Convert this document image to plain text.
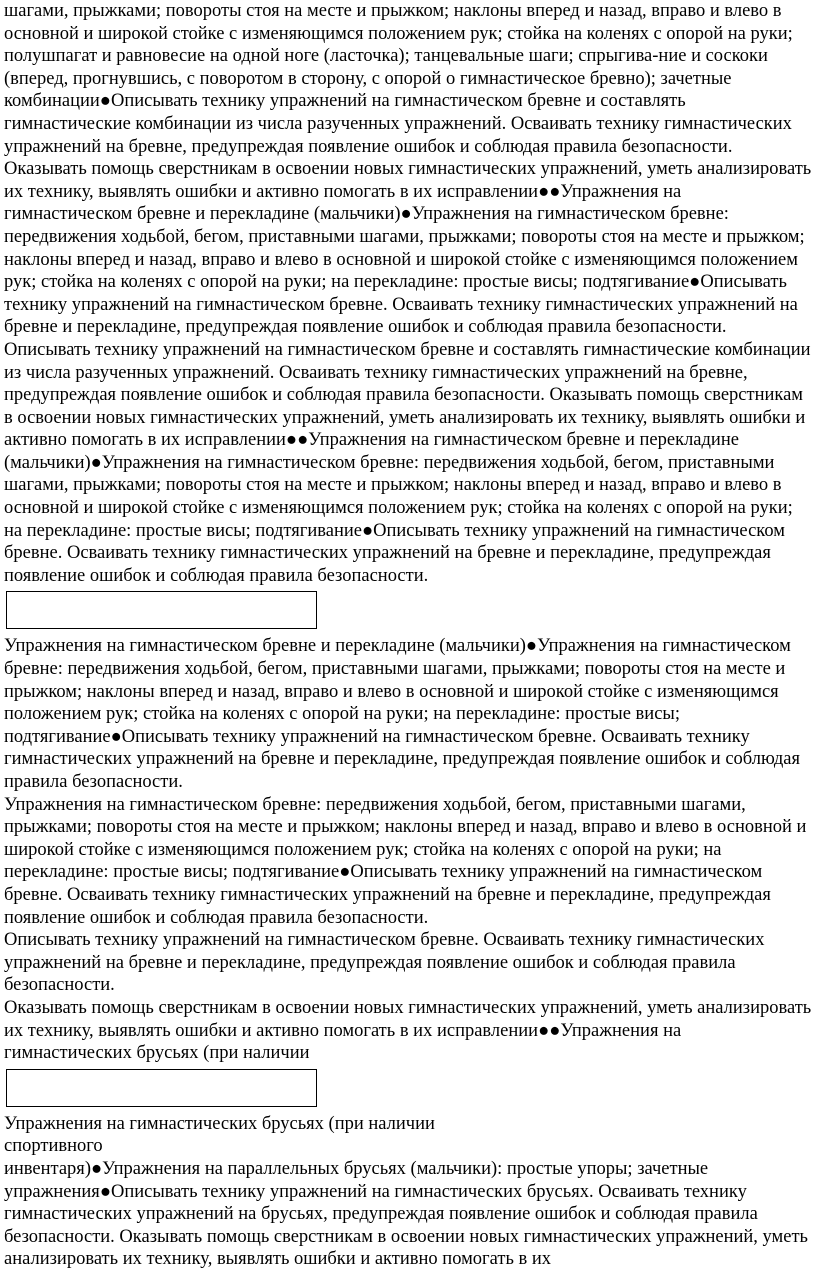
шагами, прыжками; повороты стоя на месте и прыжком; наклоны вперед и назад, вправо и влево в основной и широкой стойке с изменяющимся положением рук; стойка на коленях с опорой на руки; полушпагат и равновесие на одной ноге (ласточка); танцевальные шаги; спрыгива-ние и соскоки (вперед, прогнувшись, с поворотом в сторону, с опорой о гимнастическое бревно); зачетные комбинации●Описывать технику упражнений на гимнастическом бревне и составлять гимнастические комбинации из числа разученных упражнений. Осваивать технику гимнастических упражнений на бревне, предупреждая появление ошибок и соблюдая правила безопасности. Оказывать помощь сверстникам в освоении новых гимнастических упражнений, уметь анализировать их технику, выявлять ошибки и активно помогать в их исправлении●●Упражнения на гимнастическом бревне и перекладине (мальчики)●Упражнения на гимнастическом бревне: передвижения ходьбой, бегом, приставными шагами, прыжками; повороты стоя на месте и прыжком; наклоны вперед и назад, вправо и влево в основной и широкой стойке с изменяющимся положением рук; стойка на коленях с опорой на руки; на перекладине: простые висы; подтягивание●Описывать технику упражнений на гимнастическом бревне. Осваивать технику гимнастических упражнений на бревне и перекладине, предупреждая появление ошибок и соблюдая правила безопасности.

Описывать технику упражнений на гимнастическом бревне и составлять гимнастические комбинации из числа разученных упражнений. Осваивать технику гимнастических упражнений на бревне, предупреждая появление ошибок и соблюдая правила безопасности. Оказывать помощь сверстникам в освоении новых гимнастических упражнений, уметь анализировать их технику, выявлять ошибки и активно помогать в их исправлении●●Упражнения на гимнастическом бревне и перекладине (мальчики)●Упражнения на гимнастическом бревне: передвижения ходьбой, бегом, приставными шагами, прыжками; повороты стоя на месте и прыжком; наклоны вперед и назад, вправо и влево в основной и широкой стойке с изменяющимся положением рук; стойка на коленях с опорой на руки; на перекладине: простые висы; подтягивание●Описывать технику упражнений на гимнастическом бревне. Осваивать технику гимнастических упражнений на бревне и перекладине, предупреждая появление ошибок и соблюдая правила безопасности.

Упражнения на гимнастическом бревне и перекладине (мальчики)●Упражнения на гимнастическом бревне: передвижения ходьбой, бегом, приставными шагами, прыжками; повороты стоя на месте и прыжком; наклоны вперед и назад, вправо и влево в основной и широкой стойке с изменяющимся положением рук; стойка на коленях с опорой на руки; на перекладине: простые висы; подтягивание●Описывать технику упражнений на гимнастическом бревне. Осваивать технику гимнастических упражнений на бревне и перекладине, предупреждая появление ошибок и соблюдая правила безопасности.

Упражнения на гимнастическом бревне: передвижения ходьбой, бегом, приставными шагами, прыжками; повороты стоя на месте и прыжком; наклоны вперед и назад, вправо и влево в основной и широкой стойке с изменяющимся положением рук; стойка на коленях с опорой на руки; на перекладине: простые висы; подтягивание●Описывать технику упражнений на гимнастическом бревне. Осваивать технику гимнастических упражнений на бревне и перекладине, предупреждая появление ошибок и соблюдая правила безопасности.

Описывать технику упражнений на гимнастическом бревне. Осваивать технику гимнастических упражнений на бревне и перекладине, предупреждая появление ошибок и соблюдая правила безопасности.

Оказывать помощь сверстникам в освоении новых гимнастических упражнений, уметь анализировать их технику, выявлять ошибки и активно помогать в их исправлении●●Упражнения на гимнастических брусьях (при наличии

Упражнения на гимнастических брусьях (при наличии

спортивного

инвентаря)●Упражнения на параллельных брусьях (мальчики): простые упоры; зачетные упражнения●Описывать технику упражнений на гимнастических брусьях. Осваивать технику гимнастических упражнений на брусьях, предупреждая появление ошибок и соблюдая правила безопасности. Оказывать помощь сверстникам в освоении новых гимнастических упражнений, уметь анализировать их технику, выявлять ошибки и активно помогать в их
